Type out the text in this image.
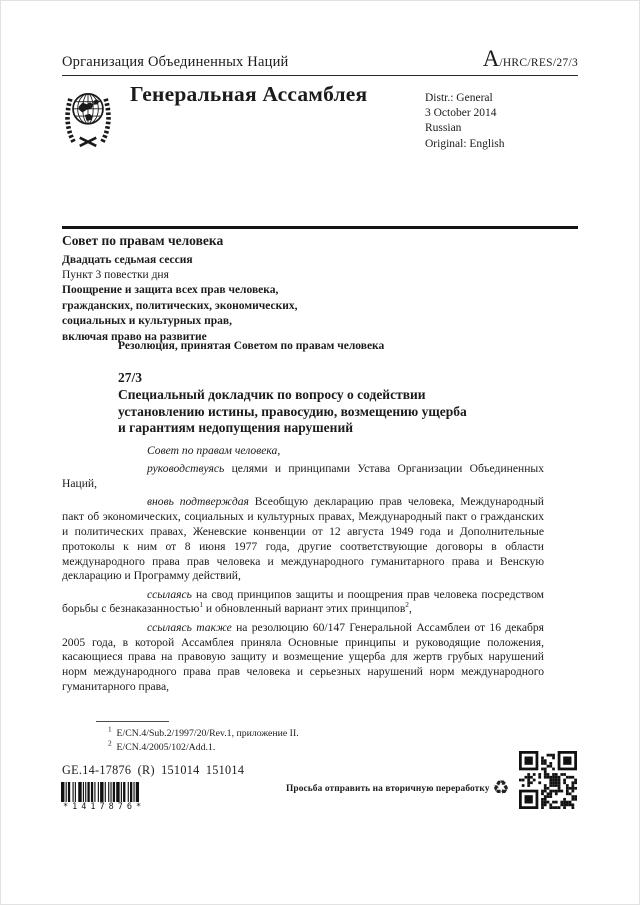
Организация Объединенных Наций	A/HRC/RES/27/3
Генеральная Ассамблея	Distr.: General
3 October 2014
Russian
Original: English
Совет по правам человека
Двадцать седьмая сессия
Пункт 3 повестки дня
Поощрение и защита всех прав человека,
гражданских, политических, экономических,
социальных и культурных прав,
включая право на развитие
Резолюция, принятая Советом по правам человека
27/3
Специальный докладчик по вопросу о содействии
установлению истины, правосудию, возмещению ущерба
и гарантиям недопущения нарушений

Совет по правам человека,

руководствуясь целями и принципами Устава Организации Объединенных Наций,

вновь подтверждая Всеобщую декларацию прав человека, Международный пакт об экономических, социальных и культурных правах, Международный пакт о гражданских и политических правах, Женевские конвенции от 12 августа 1949 года и Дополнительные протоколы к ним от 8 июня 1977 года, другие соответствующие договоры в области международного права прав человека и международного гуманитарного права и Венскую декларацию и Программу действий,

ссылаясь на свод принципов защиты и поощрения прав человека посредством борьбы с безнаказанностью$^1$ и обновленный вариант этих принципов$^2$,

ссылаясь также на резолюцию 60/147 Генеральной Ассамблеи от 16 декабря 2005 года, в которой Ассамблея приняла Основные принципы и руководящие положения, касающиеся права на правовую защиту и возмещение ущерба для жертв грубых нарушений норм международного права прав человека и серьезных нарушений норм международного гуманитарного права,

$^1$ E/CN.4/Sub.2/1997/20/Rev.1, приложение II.
$^2$ E/CN.4/2005/102/Add.1.
GE.14-17876 (R) 151014 151014
*1417876*
Просьба отправить на вторичную переработку ♻
